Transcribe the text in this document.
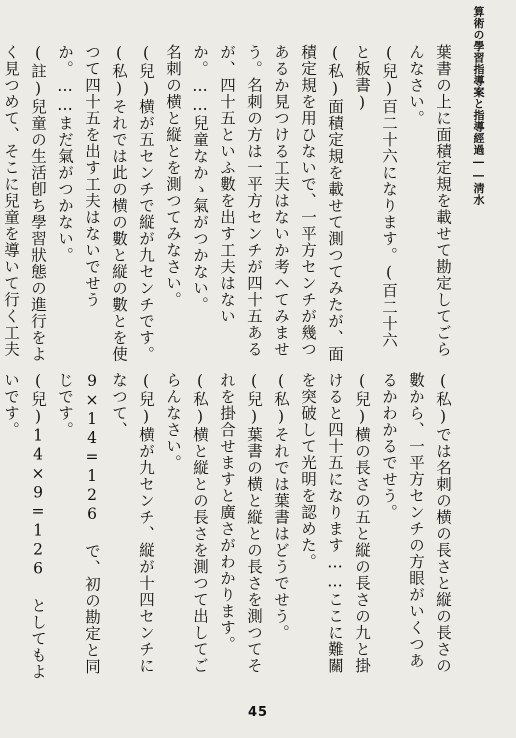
算術の學習指導案と指導經過――淸水

葉書の上に面積定規を載せて勘定してごらんなさい。

(兒)百二十六になります。(百二十六と板書)

(私)面積定規を載せて測つてみたが、面積定規を用ひないで、一平方センチが幾つあるか見つける工夫はないか考へてみませう。名刺の方は一平方センチが四十五あるが、四十五といふ數を出す工夫はないか。……兒童なかゝ氣がつかない。

名刺の横と縦とを測つてみなさい。

(兒)横が五センチで縦が九センチです。

(私)それでは此の横の數と縦の數とを使つて四十五を出す工夫はないでせうか。……まだ氣がつかない。

(註)兒童の生活卽ち學習狀態の進行をよく見つめて、そこに兒童を導いて行く工夫

(私)では名刺の横の長さと縦の長さの數から、一平方センチの方眼がいくつあるかわかるでせう。

(兒)横の長さの五と縦の長さの九と掛けると四十五になります……ここに難關を突破して光明を認めた。

(私)それでは葉書はどうでせう。

(兒)葉書の横と縦との長さを測つてそれを掛合せますと廣さがわかります。

(私)横と縦との長さを測つて出してごらんなさい。

(兒)横が九センチ、縦が十四センチになつて、

9×14=126 で、初の勘定と同じです。

(兒)14×9=126 としてもよいです。

45
